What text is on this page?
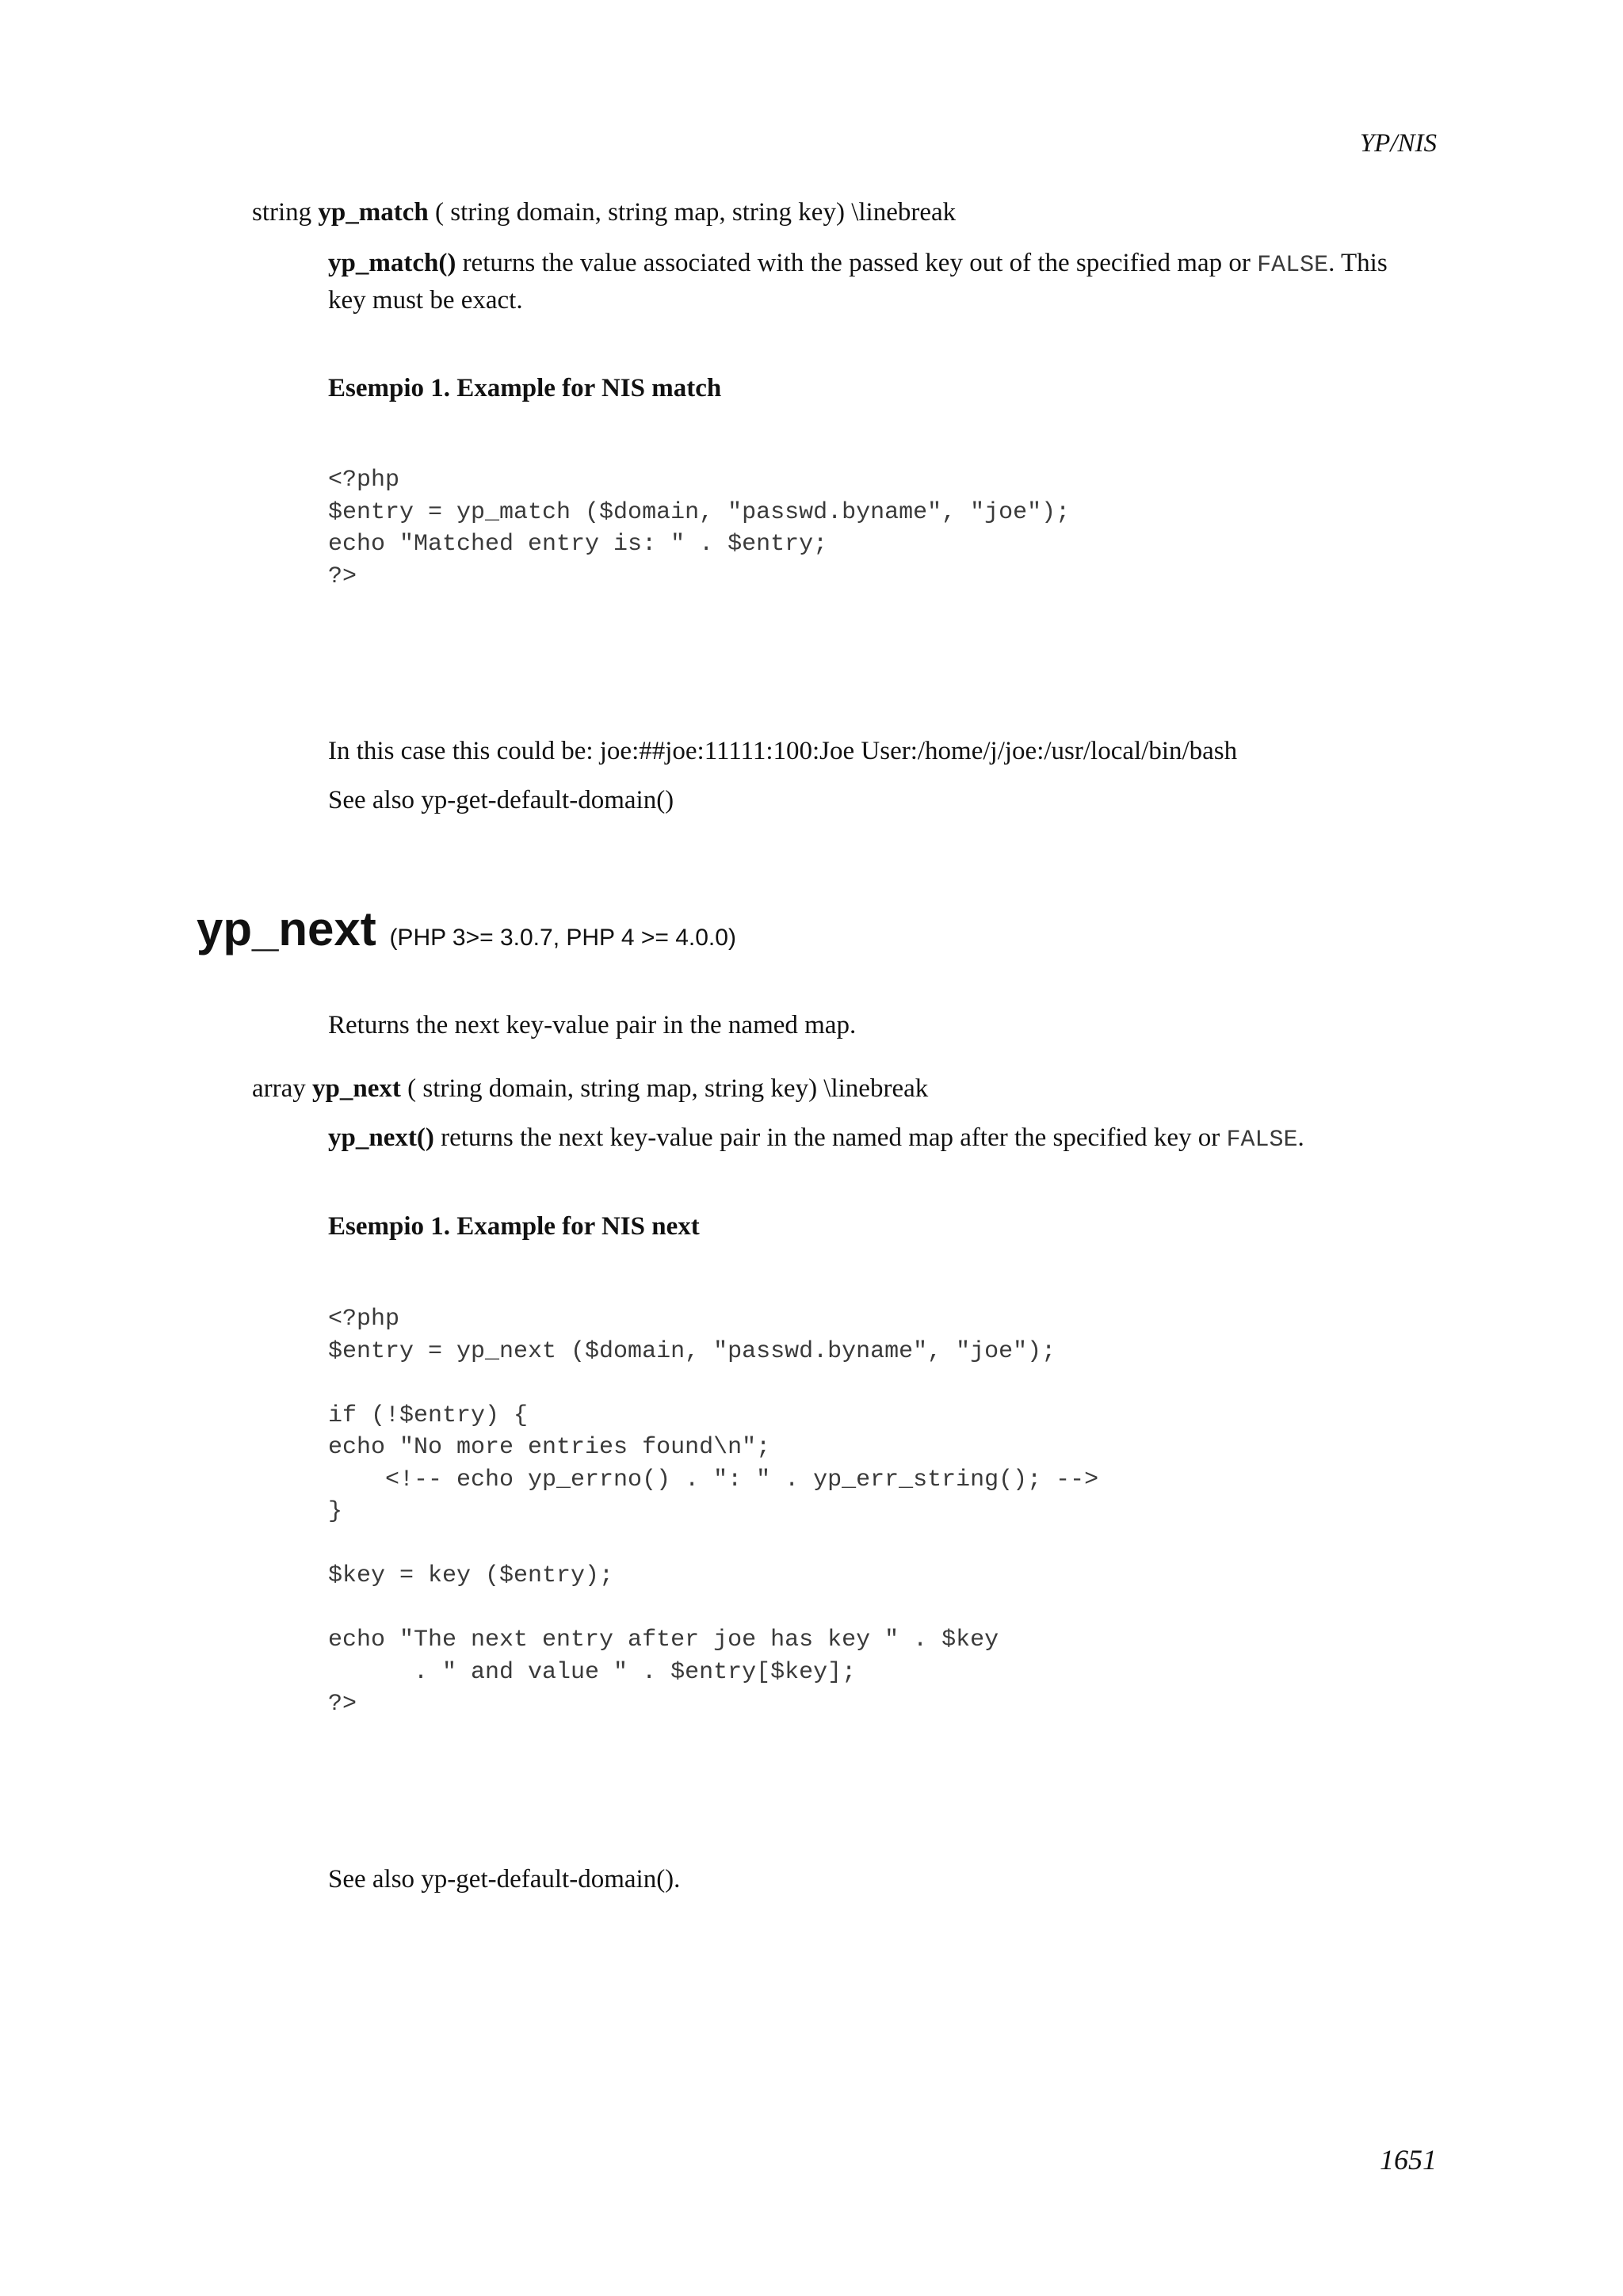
YP/NIS
string yp_match ( string domain, string map, string key) \linebreak
yp_match() returns the value associated with the passed key out of the specified map or FALSE. This
key must be exact.
Esempio 1. Example for NIS match
<?php
$entry = yp_match ($domain, "passwd.byname", "joe");
echo "Matched entry is: " . $entry;
?>
In this case this could be: joe:##joe:11111:100:Joe User:/home/j/joe:/usr/local/bin/bash
See also yp-get-default-domain()
yp_next (PHP 3>= 3.0.7, PHP 4 >= 4.0.0)
Returns the next key-value pair in the named map.
array yp_next ( string domain, string map, string key) \linebreak
yp_next() returns the next key-value pair in the named map after the specified key or FALSE.
Esempio 1. Example for NIS next
<?php
$entry = yp_next ($domain, "passwd.byname", "joe");

if (!$entry) {
echo "No more entries found\n";
<!-- echo yp_errno() . ": " . yp_err_string(); -->
}

$key = key ($entry);

echo "The next entry after joe has key " . $key
. " and value " . $entry[$key];
?>
See also yp-get-default-domain().
1651
